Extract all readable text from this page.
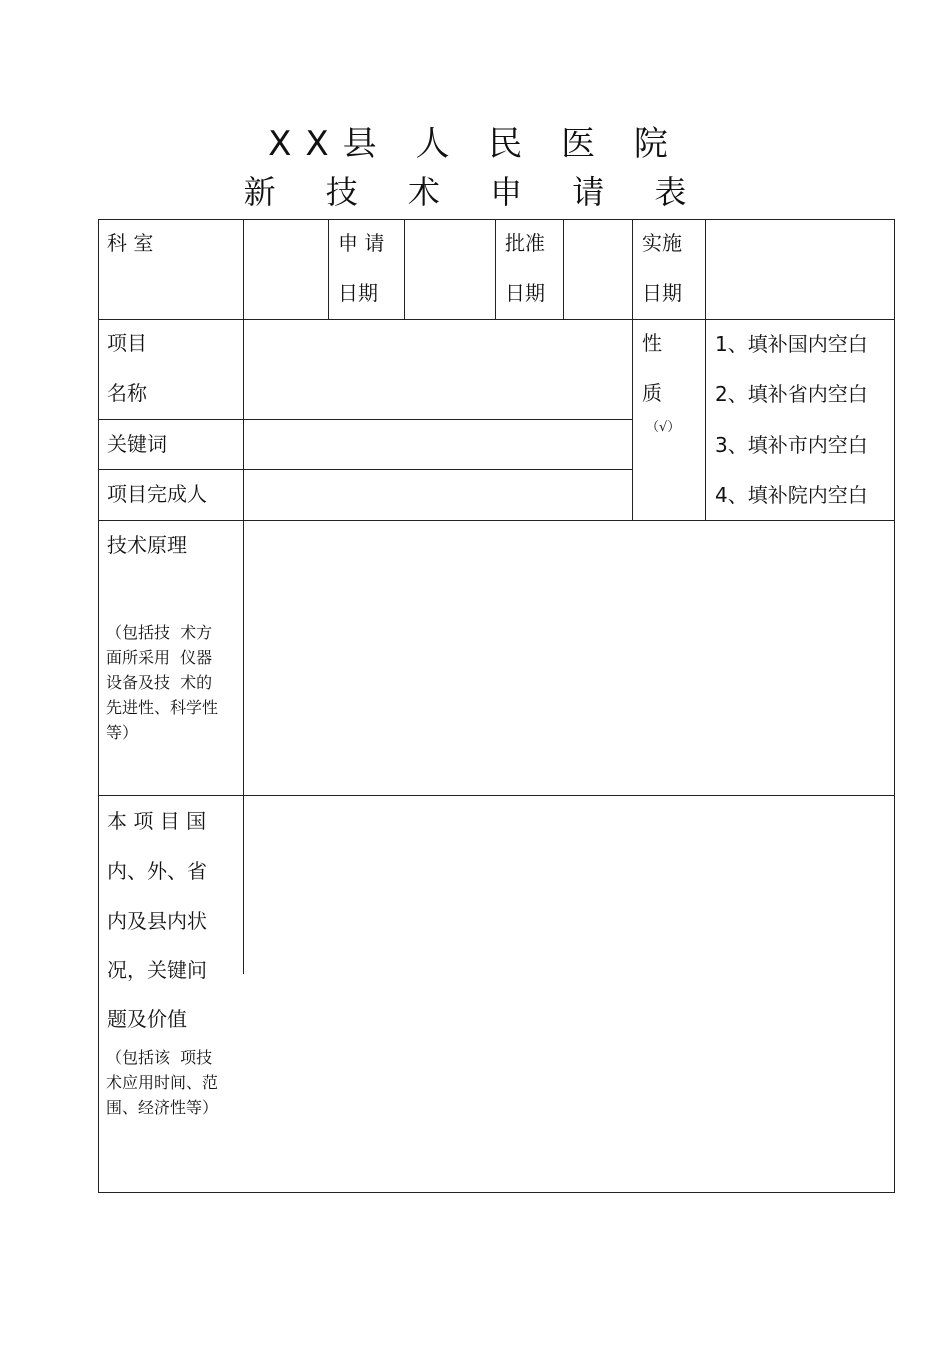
XX县 人 民 医 院
新 技 术 申 请 表
科 室	申 请
日期
批准
日期
实施
日期
项目
名称
关键词
项目完成人
性
质
（√）
1、填补国内空白
2、填补省内空白
3、填补市内空白
4、填补院内空白
技术原理
（包括技  术方
面所采用  仪器
设备及技  术的
先进性、科学性
等）
本 项 目 国
内、外、省
内及县内状
况，关键问
题及价值
（包括该  项技
术应用时间、范
围、经济性等）
